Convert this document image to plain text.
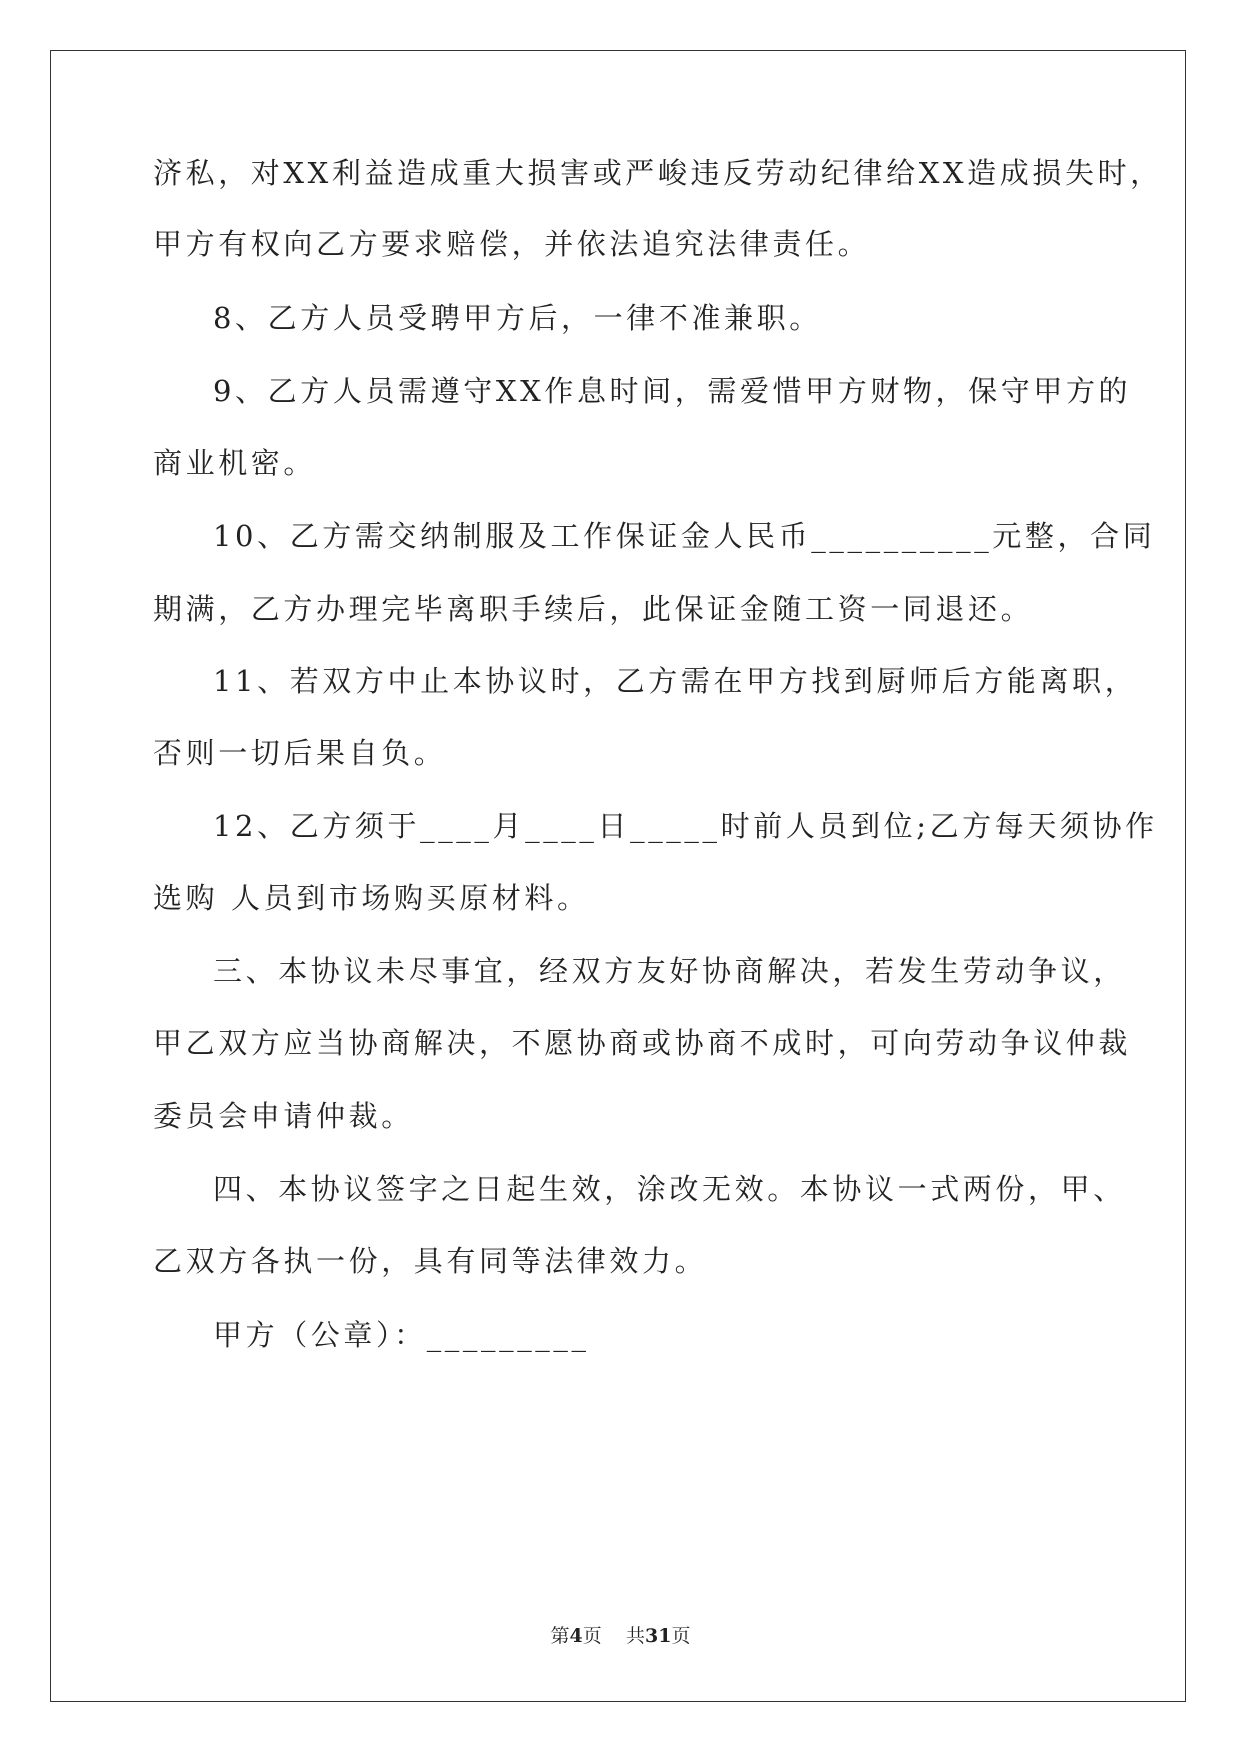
济私，对XX利益造成重大损害或严峻违反劳动纪律给XX造成损失时，
甲方有权向乙方要求赔偿，并依法追究法律责任。
8、乙方人员受聘甲方后，一律不准兼职。
9、乙方人员需遵守XX作息时间，需爱惜甲方财物，保守甲方的
商业机密。
10、乙方需交纳制服及工作保证金人民币__________元整，合同
期满，乙方办理完毕离职手续后，此保证金随工资一同退还。
11、若双方中止本协议时，乙方需在甲方找到厨师后方能离职，
否则一切后果自负。
12、乙方须于____月____日_____时前人员到位;乙方每天须协作
选购 人员到市场购买原材料。
三、本协议未尽事宜，经双方友好协商解决，若发生劳动争议，
甲乙双方应当协商解决，不愿协商或协商不成时，可向劳动争议仲裁
委员会申请仲裁。
四、本协议签字之日起生效，涂改无效。本协议一式两份，甲、
乙双方各执一份，具有同等法律效力。
甲方（公章）：_________
第4页 共31页
